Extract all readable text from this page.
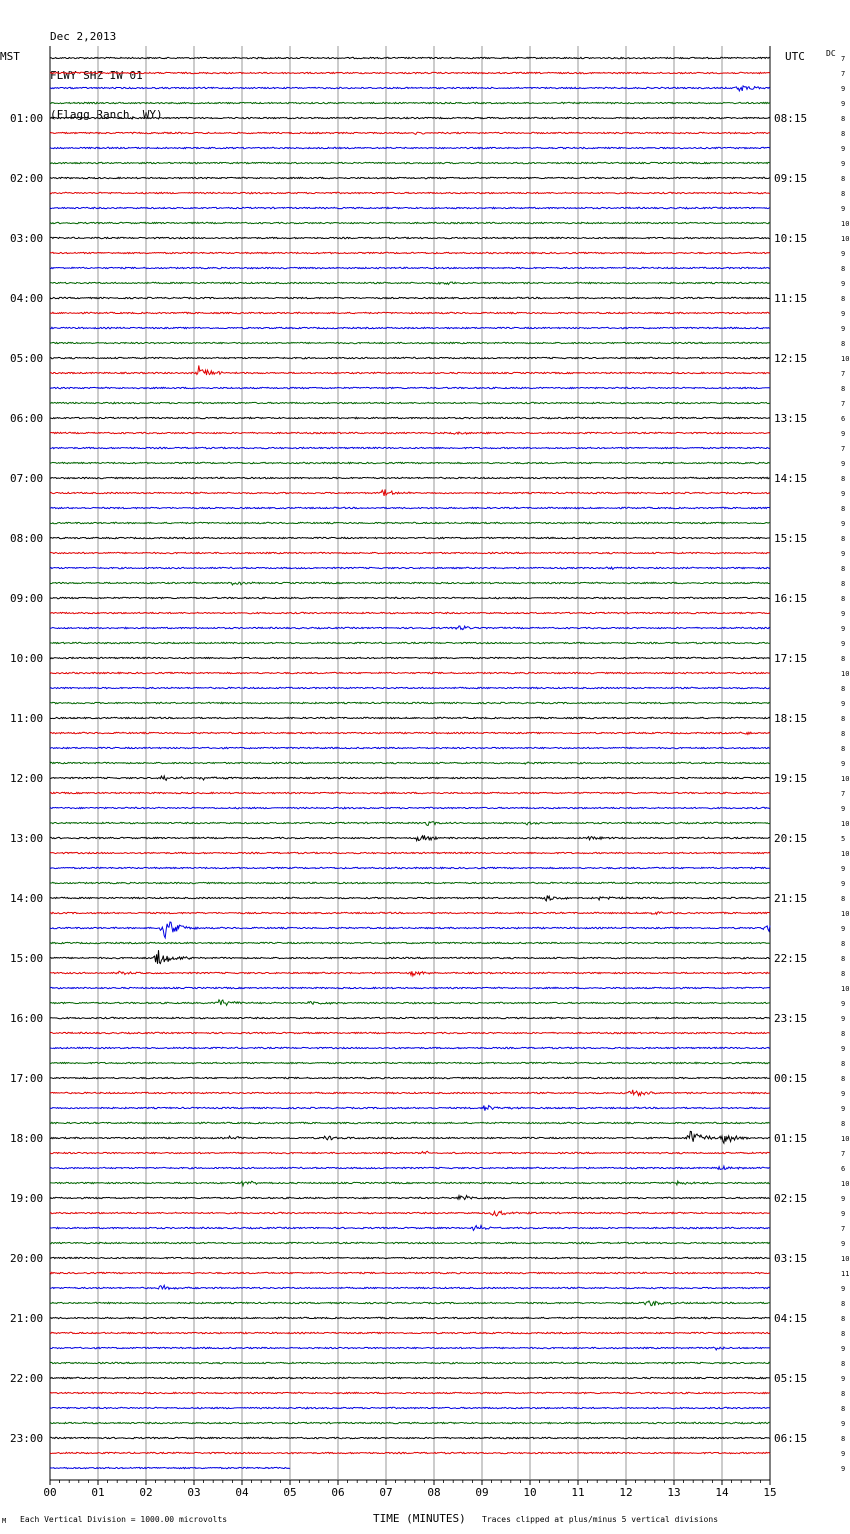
Dec 2,2013

FLWY SHZ IW 01

(Flagg Ranch, WY)

MST	UTC	DC
00	01	02	03	04	05	06	07	08	09	10	11	12	13	14	15
7
7
9
9
8
8
9
9
8
8
9
10
10
9
8
9
8
9
9
8
10
7
8
7
6
9
7
9
8
9
8
9
8
9
8
8
8
9
9
9
8
10
8
9
8
8
8
9
10
7
9
10
5
10
9
9
8
10
9
8
8
8
10
9
9
8
9
8
8
9
9
8
10
7
6
10
9
9
7
9
10
11
9
8
8
8
9
8
9
8
8
9
8
9
9
01:00	08:15
02:00	09:15
03:00	10:15
04:00	11:15
05:00	12:15
06:00	13:15
07:00	14:15
08:00	15:15
09:00	16:15
10:00	17:15
11:00	18:15
12:00	19:15
13:00	20:15
14:00	21:15
15:00	22:15
16:00	23:15
17:00	00:15
18:00	01:15
19:00	02:15
20:00	03:15
21:00	04:15
22:00	05:15
23:00	06:15
M Each Vertical Division = 1000.00 microvolts	TIME (MINUTES) Traces clipped at plus/minus 5 vertical divisions
